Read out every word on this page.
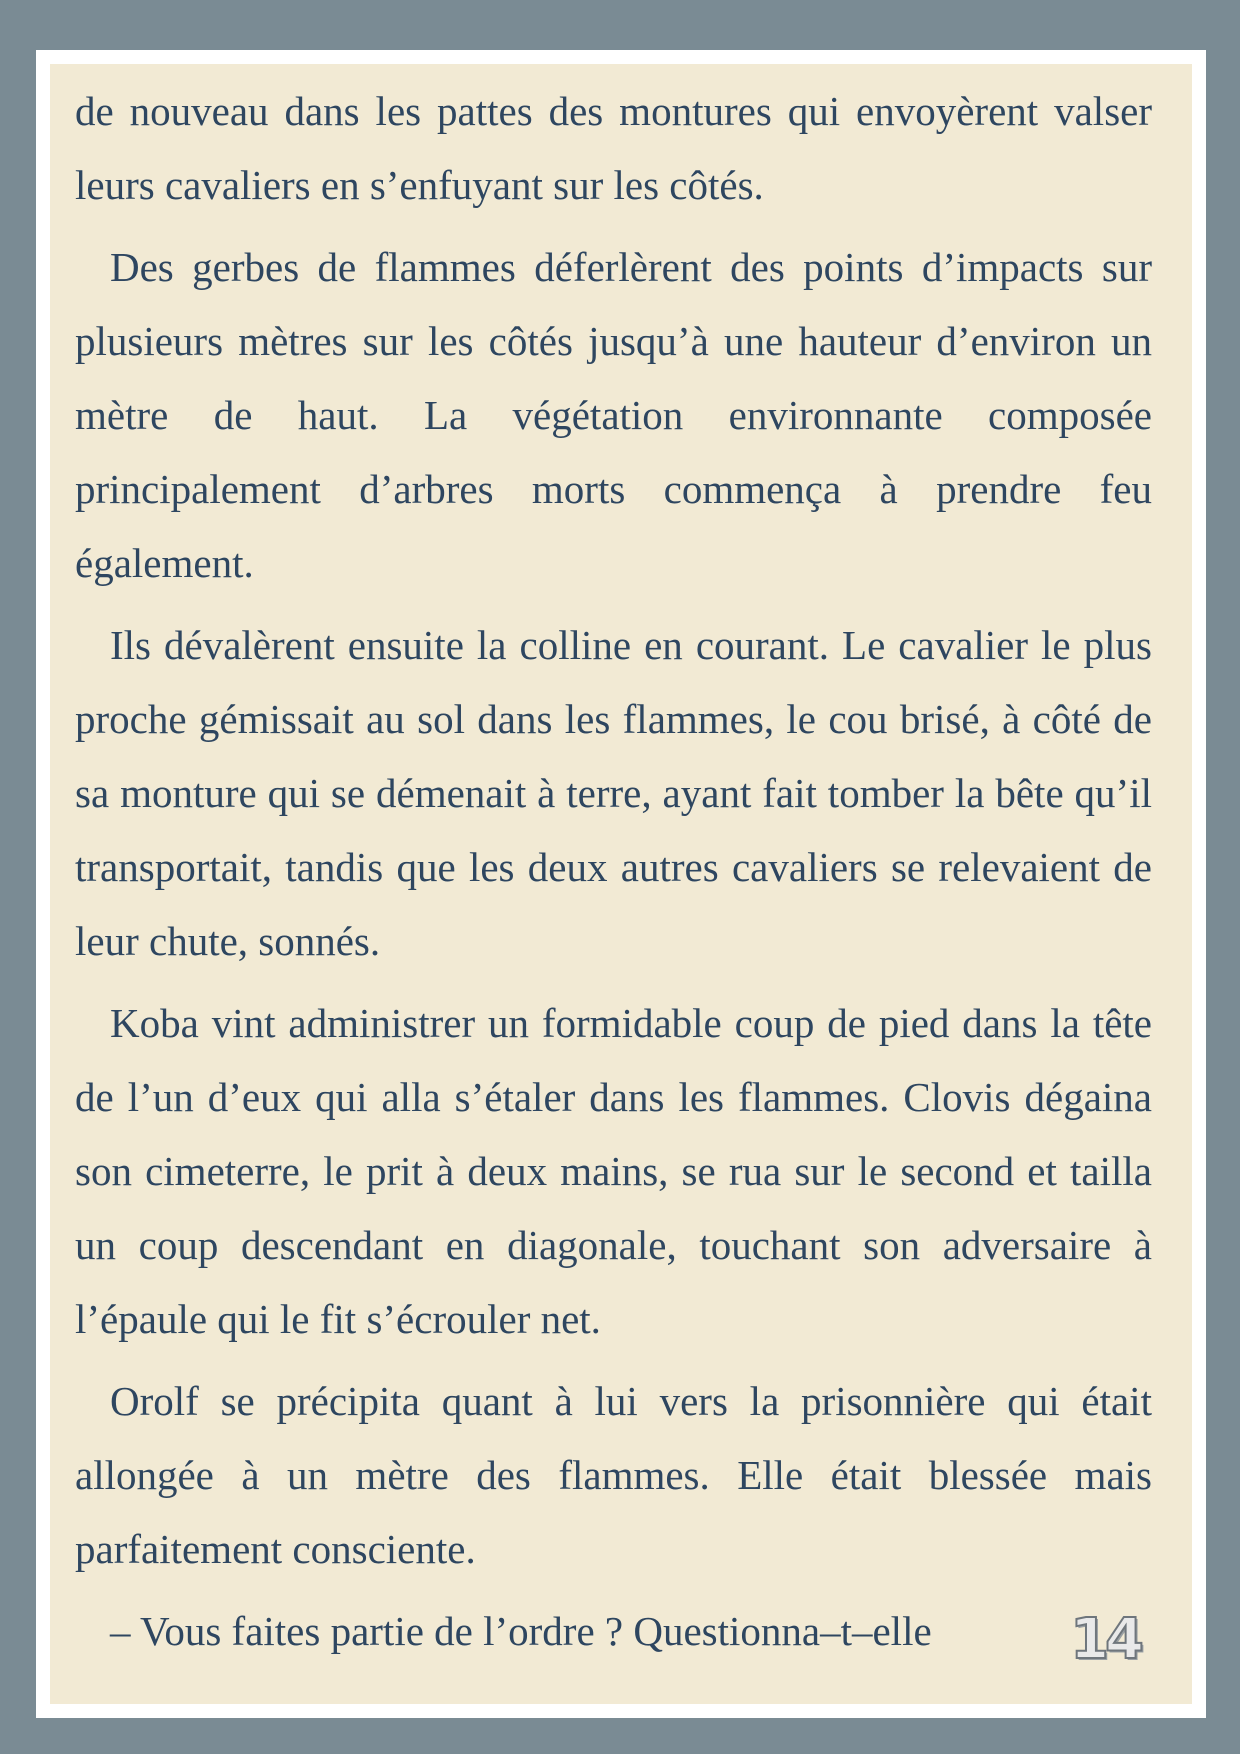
de nouveau dans les pattes des montures qui envoyèrent valser leurs cavaliers en s’enfuyant sur les côtés.

Des gerbes de flammes déferlèrent des points d’impacts sur plusieurs mètres sur les côtés jusqu’à une hauteur d’environ un mètre de haut. La végétation environnante composée principalement d’arbres morts commença à prendre feu également.

Ils dévalèrent ensuite la colline en courant. Le cavalier le plus proche gémissait au sol dans les flammes, le cou brisé, à côté de sa monture qui se démenait à terre, ayant fait tomber la bête qu’il transportait, tandis que les deux autres cavaliers se relevaient de leur chute, sonnés.

Koba vint administrer un formidable coup de pied dans la tête de l’un d’eux qui alla s’étaler dans les flammes. Clovis dégaina son cimeterre, le prit à deux mains, se rua sur le second et tailla un coup descendant en diagonale, touchant son adversaire à l’épaule qui le fit s’écrouler net.

Orolf se précipita quant à lui vers la prisonnière qui était allongée à un mètre des flammes. Elle était blessée mais parfaitement consciente.

– Vous faites partie de l’ordre ? Questionna–t–elle	14
